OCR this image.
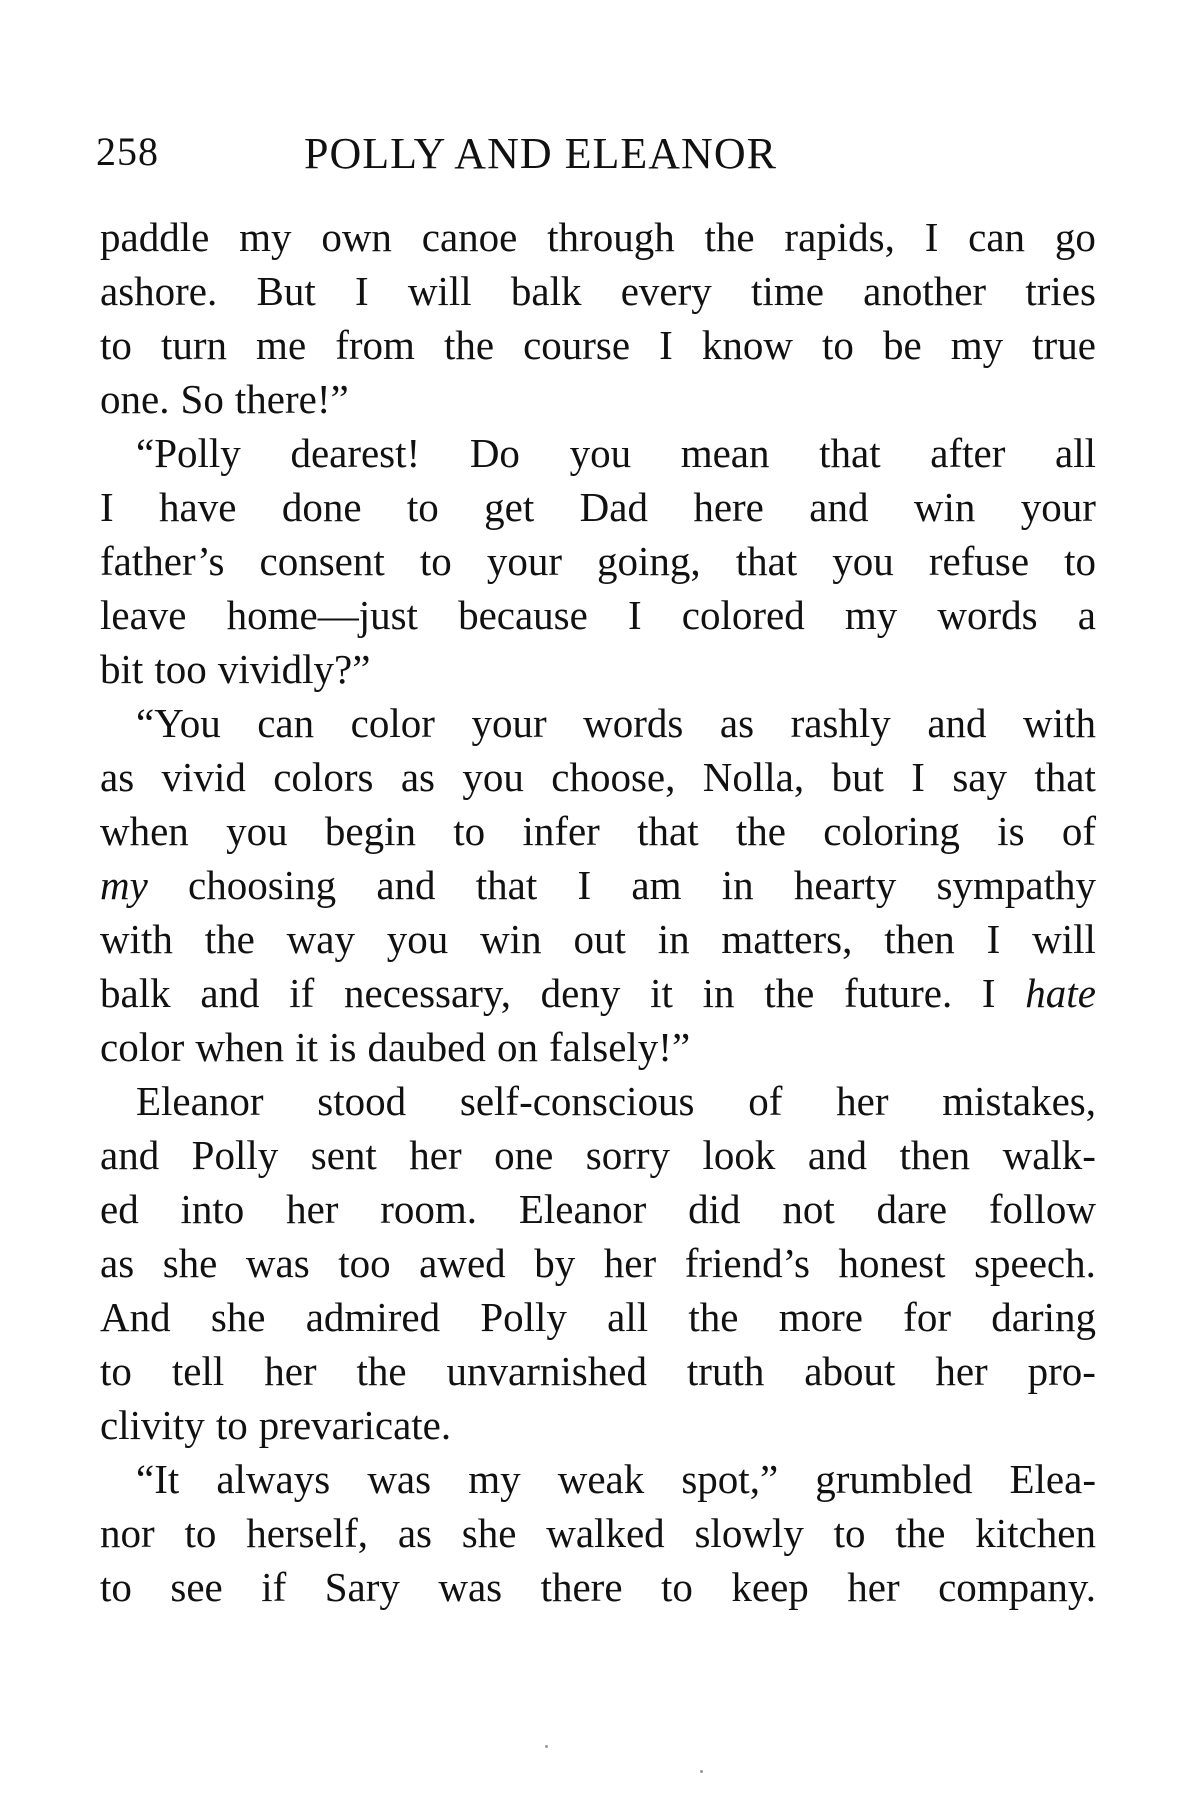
258	POLLY AND ELEANOR
paddle my own canoe through the rapids, I can go
ashore. But I will balk every time another tries
to turn me from the course I know to be my true
one. So there!”
“Polly dearest! Do you mean that after all
I have done to get Dad here and win your
father’s consent to your going, that you refuse to
leave home—just because I colored my words a
bit too vividly?”
“You can color your words as rashly and with
as vivid colors as you choose, Nolla, but I say that
when you begin to infer that the coloring is of
my choosing and that I am in hearty sympathy
with the way you win out in matters, then I will
balk and if necessary, deny it in the future. I hate
color when it is daubed on falsely!”
Eleanor stood self-conscious of her mistakes,
and Polly sent her one sorry look and then walk-
ed into her room. Eleanor did not dare follow
as she was too awed by her friend’s honest speech.
And she admired Polly all the more for daring
to tell her the unvarnished truth about her pro-
clivity to prevaricate.
“It always was my weak spot,” grumbled Elea-
nor to herself, as she walked slowly to the kitchen
to see if Sary was there to keep her company.
